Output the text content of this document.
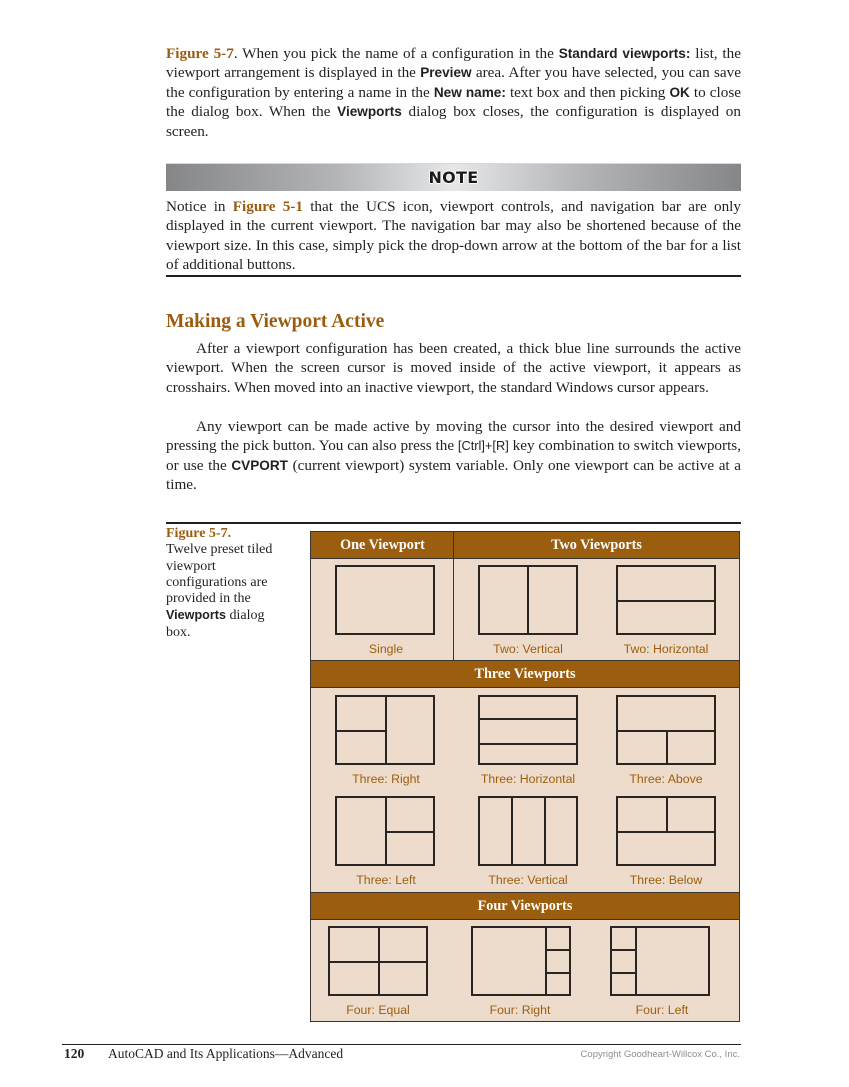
Figure 5-7. When you pick the name of a configuration in the Standard viewports: list, the viewport arrangement is displayed in the Preview area. After you have selected, you can save the configuration by entering a name in the New name: text box and then picking OK to close the dialog box. When the Viewports dialog box closes, the configuration is displayed on screen.

NOTE

Notice in Figure 5-1 that the UCS icon, viewport controls, and navigation bar are only displayed in the current viewport. The navigation bar may also be shortened because of the viewport size. In this case, simply pick the drop-down arrow at the bottom of the bar for a list of additional buttons.

Making a Viewport Active

After a viewport configuration has been created, a thick blue line surrounds the active viewport. When the screen cursor is moved inside of the active viewport, it appears as crosshairs. When moved into an inactive viewport, the standard Windows cursor appears.

Any viewport can be made active by moving the cursor into the desired viewport and pressing the pick button. You can also press the [Ctrl]+[R] key combination to switch viewports, or use the CVPORT (current viewport) system variable. Only one viewport can be active at a time.

Figure 5-7.
Twelve preset tiled viewport configurations are provided in the Viewports dialog box.

One Viewport	Two Viewports
Single	Two: Vertical	Two: Horizontal
Three Viewports
Three: Right	Three: Horizontal	Three: Above
Three: Left	Three: Vertical	Three: Below
Four Viewports
Four: Equal	Four: Right	Four: Left
120 AutoCAD and Its Applications—Advanced	Copyright Goodheart-Willcox Co., Inc.
